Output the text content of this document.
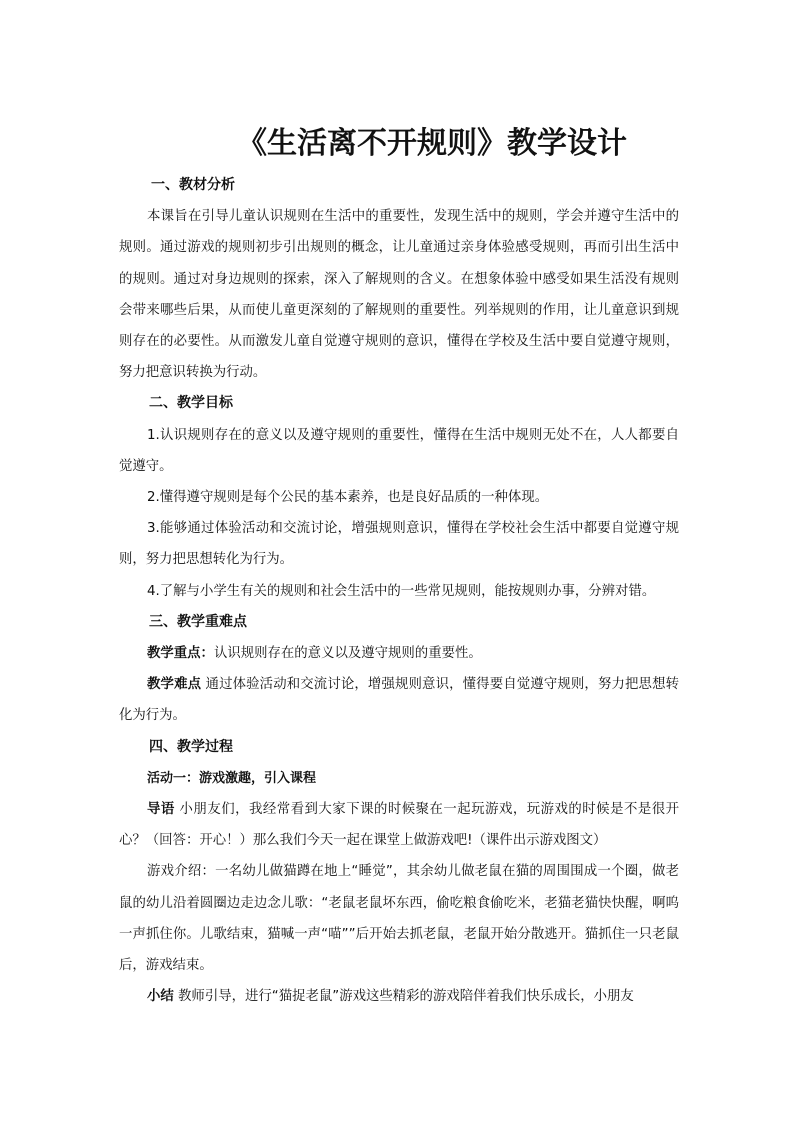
《生活离不开规则》教学设计
一、教材分析

本课旨在引导儿童认识规则在生活中的重要性，发现生活中的规则，学会并遵守生活中的规则。通过游戏的规则初步引出规则的概念，让儿童通过亲身体验感受规则，再而引出生活中的规则。通过对身边规则的探索，深入了解规则的含义。在想象体验中感受如果生活没有规则会带来哪些后果，从而使儿童更深刻的了解规则的重要性。列举规则的作用，让儿童意识到规则存在的必要性。从而激发儿童自觉遵守规则的意识，懂得在学校及生活中要自觉遵守规则，努力把意识转换为行动。

二、教学目标

1.认识规则存在的意义以及遵守规则的重要性，懂得在生活中规则无处不在，人人都要自觉遵守。

2.懂得遵守规则是每个公民的基本素养，也是良好品质的一种体现。

3.能够通过体验活动和交流讨论，增强规则意识，懂得在学校社会生活中都要自觉遵守规则，努力把思想转化为行为。

4.了解与小学生有关的规则和社会生活中的一些常见规则，能按规则办事，分辨对错。

三、教学重难点

教学重点：认识规则存在的意义以及遵守规则的重要性。

教学难点 通过体验活动和交流讨论，增强规则意识，懂得要自觉遵守规则，努力把思想转化为行为。

四、教学过程
活动一：游戏激趣，引入课程

导语 小朋友们，我经常看到大家下课的时候聚在一起玩游戏，玩游戏的时候是不是很开心？（回答：开心！）那么我们今天一起在课堂上做游戏吧!（课件出示游戏图文）

游戏介绍：一名幼儿做猫蹲在地上“睡觉”，其余幼儿做老鼠在猫的周围围成一个圈，做老鼠的幼儿沿着圆圈边走边念儿歌：“老鼠老鼠坏东西，偷吃粮食偷吃米，老猫老猫快快醒，啊呜一声抓住你。儿歌结束，猫喊一声“喵””后开始去抓老鼠，老鼠开始分散逃开。猫抓住一只老鼠后，游戏结束。

小结 教师引导，进行“猫捉老鼠”游戏这些精彩的游戏陪伴着我们快乐成长，小朋友
